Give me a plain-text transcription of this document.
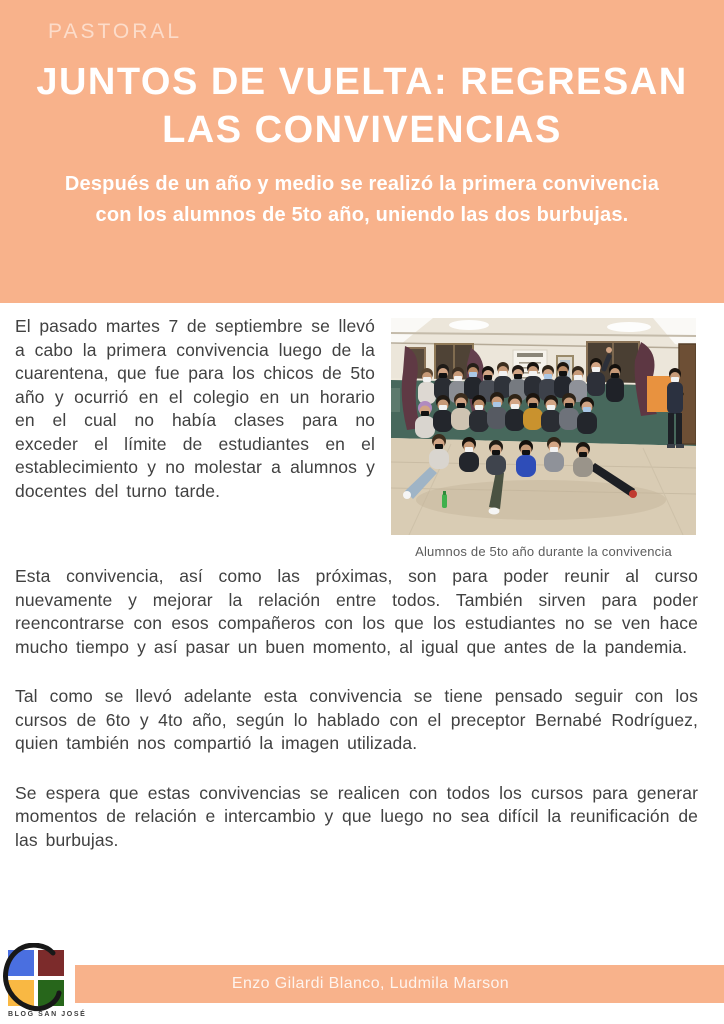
PASTORAL
JUNTOS DE VUELTA: REGRESAN
LAS CONVIVENCIAS

Después de un año y medio se realizó la primera convivencia
con los alumnos de 5to año, uniendo las dos burbujas.

Alumnos de 5to año durante la convivencia

El pasado martes 7 de septiembre se llevó a cabo la primera convivencia luego de la cuarentena, que fue para los chicos de 5to año y ocurrió en el colegio en un horario en el cual no había clases para no exceder el límite de estudiantes en el establecimiento y no molestar a alumnos y docentes del turno tarde.

Esta convivencia, así como las próximas, son para poder reunir al curso nuevamente y mejorar la relación entre todos. También sirven para poder reencontrarse con esos compañeros con los que los estudiantes no se ven hace mucho tiempo y así pasar un buen momento, al igual que antes de la pandemia.

Tal como se llevó adelante esta convivencia se tiene pensado seguir con los cursos de 6to y 4to año, según lo hablado con el preceptor Bernabé Rodríguez, quien también nos compartió la imagen utilizada.

Se espera que estas convivencias se realicen con todos los cursos para generar momentos de relación e intercambio y que luego no sea difícil la reunificación de las burbujas.

BLOG SAN JOSÉ
Enzo Gilardi Blanco, Ludmila Marson
